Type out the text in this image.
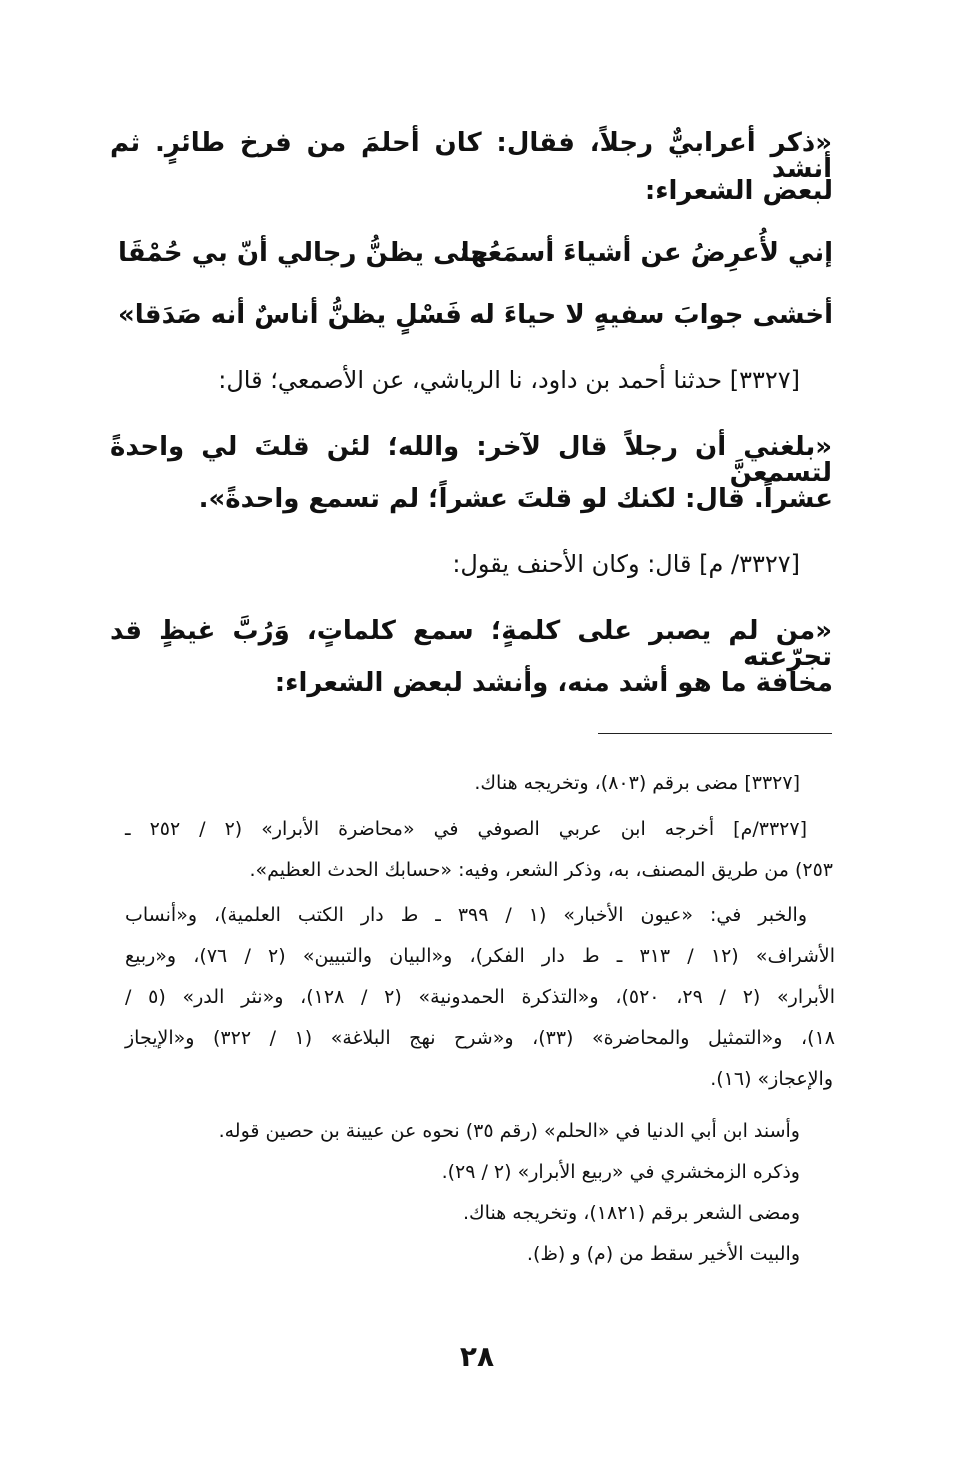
«ذكر أعرابيٌّ رجلاً، فقال: كان أحلمَ من فرخ طائرٍ. ثم أنشد
لبعض الشعراء:
إني لأُعرِضُ عن أشياءَ أسمَعُها
حتى يظنُّ رجالي أنّ بي حُمْقَا
أخشى جوابَ سفيهٍ لا حياءَ له
فَسْلٍ يظنُّ أناسٌ أنه صَدَقا»
[٣٣٢٧] حدثنا أحمد بن داود، نا الرياشي، عن الأصمعي؛ قال:
«بلغني أن رجلاً قال لآخر: والله؛ لئن قلتَ لي واحدةً لتسمعنَّ
عشراً. قال: لكنك لو قلتَ عشراً؛ لم تسمع واحدةً».
[٣٣٢٧/ م] قال: وكان الأحنف يقول:
«من لم يصبر على كلمةٍ؛ سمع كلماتٍ، وَرُبَّ غيظٍ قد تجرّعته
مخافة ما هو أشد منه، وأنشد لبعض الشعراء:
[٣٣٢٧] مضى برقم (٨٠٣)، وتخريجه هناك.
[٣٣٢٧/م] أخرجه ابن عربي الصوفي في «محاضرة الأبرار» (٢ / ٢٥٢ ـ
٢٥٣) من طريق المصنف، به، وذكر الشعر، وفيه: «حسابك الحدث العظيم».
والخبر في: «عيون الأخبار» (١ / ٣٩٩ ـ ط دار الكتب العلمية)، و«أنساب
الأشراف» (١٢ / ٣١٣ ـ ط دار الفكر)، و«البيان والتبيين» (٢ / ٧٦)، و«ربيع
الأبرار» (٢ / ٢٩، ٥٢٠)، و«التذكرة الحمدونية» (٢ / ١٢٨)، و«نثر الدر» (٥ /
١٨)، و«التمثيل والمحاضرة» (٣٣)، و«شرح نهج البلاغة» (١ / ٣٢٢) و«الإيجاز
والإعجاز» (١٦).
وأسند ابن أبي الدنيا في «الحلم» (رقم ٣٥) نحوه عن عيينة بن حصين قوله.
وذكره الزمخشري في «ربيع الأبرار» (٢ / ٢٩).
ومضى الشعر برقم (١٨٢١)، وتخريجه هناك.
والبيت الأخير سقط من (م) و (ظ).
٢٨
